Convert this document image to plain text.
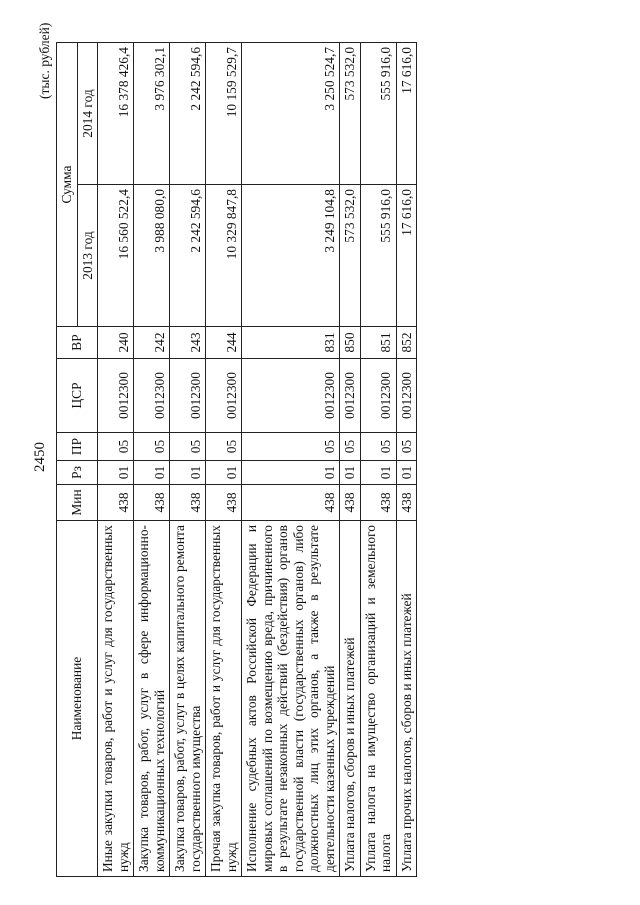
2450
(тыс. рублей)
Наименование	Мин	Рз	ПР	ЦСР	ВР	Сумма	
						2013 год	2014 год
Иные закупки товаров, работ и услуг для государственных нужд	438	01	05	0012300	240	16 560 522,4	16 378 426,4
Закупка товаров, работ, услуг в сфере информационно-коммуникационных технологий	438	01	05	0012300	242	3 988 080,0	3 976 302,1
Закупка товаров, работ, услуг в целях капитального ремонта государственного имущества	438	01	05	0012300	243	2 242 594,6	2 242 594,6
Прочая закупка товаров, работ и услуг для государственных нужд	438	01	05	0012300	244	10 329 847,8	10 159 529,7
Исполнение судебных актов Российской Федерации и мировых соглашений по возмещению вреда, причиненного в результате незаконных действий (бездействия) органов государственной власти (государственных органов) либо должностных лиц этих органов, а также в результате деятельности казенных учреждений	438	01	05	0012300	831	3 249 104,8	3 250 524,7
Уплата налогов, сборов и иных платежей	438	01	05	0012300	850	573 532,0	573 532,0
Уплата налога на имущество организаций и земельного налога	438	01	05	0012300	851	555 916,0	555 916,0
Уплата прочих налогов, сборов и иных платежей	438	01	05	0012300	852	17 616,0	17 616,0
